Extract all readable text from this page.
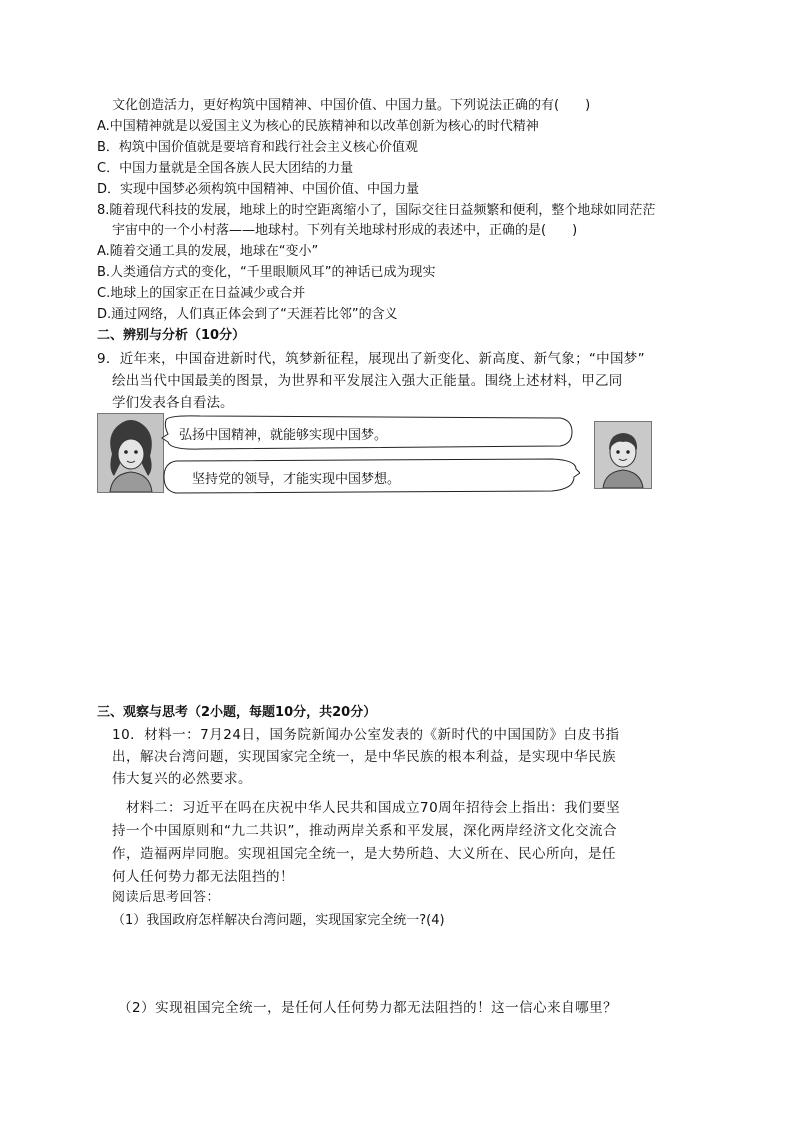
文化创造活力，更好构筑中国精神、中国价值、中国力量。下列说法正确的有(　　)
A.中国精神就是以爱国主义为核心的民族精神和以改革创新为核心的时代精神
B．构筑中国价值就是要培育和践行社会主义核心价值观
C．中国力量就是全国各族人民大团结的力量
D．实现中国梦必须构筑中国精神、中国价值、中国力量
8.随着现代科技的发展，地球上的时空距离缩小了，国际交往日益频繁和便利，整个地球如同茫茫
宇宙中的一个小村落——地球村。下列有关地球村形成的表述中，正确的是(　　)
A.随着交通工具的发展，地球在“变小”
B.人类通信方式的变化，“千里眼顺风耳”的神话已成为现实
C.地球上的国家正在日益减少或合并
D.通过网络，人们真正体会到了“天涯若比邻”的含义
二、辨别与分析（10分）
9．近年来，中国奋进新时代，筑梦新征程，展现出了新变化、新高度、新气象；“中国梦”
绘出当代中国最美的图景，为世界和平发展注入强大正能量。围绕上述材料，甲乙同
学们发表各自看法。
弘扬中国精神，就能够实现中国梦。
坚持党的领导，才能实现中国梦想。
三、观察与思考（2小题，每题10分，共20分）
10．材料一：7月24日，国务院新闻办公室发表的《新时代的中国国防》白皮书指
出，解决台湾问题，实现国家完全统一，是中华民族的根本利益，是实现中华民族
伟大复兴的必然要求。
　材料二：习近平在吗在庆祝中华人民共和国成立70周年招待会上指出：我们要坚
持一个中国原则和“九二共识”，推动两岸关系和平发展，深化两岸经济文化交流合
作，造福两岸同胞。实现祖国完全统一，是大势所趋、大义所在、民心所向，是任
何人任何势力都无法阻挡的！
阅读后思考回答：
（1）我国政府怎样解决台湾问题，实现国家完全统一?(4)
（2）实现祖国完全统一，是任何人任何势力都无法阻挡的！这一信心来自哪里？
